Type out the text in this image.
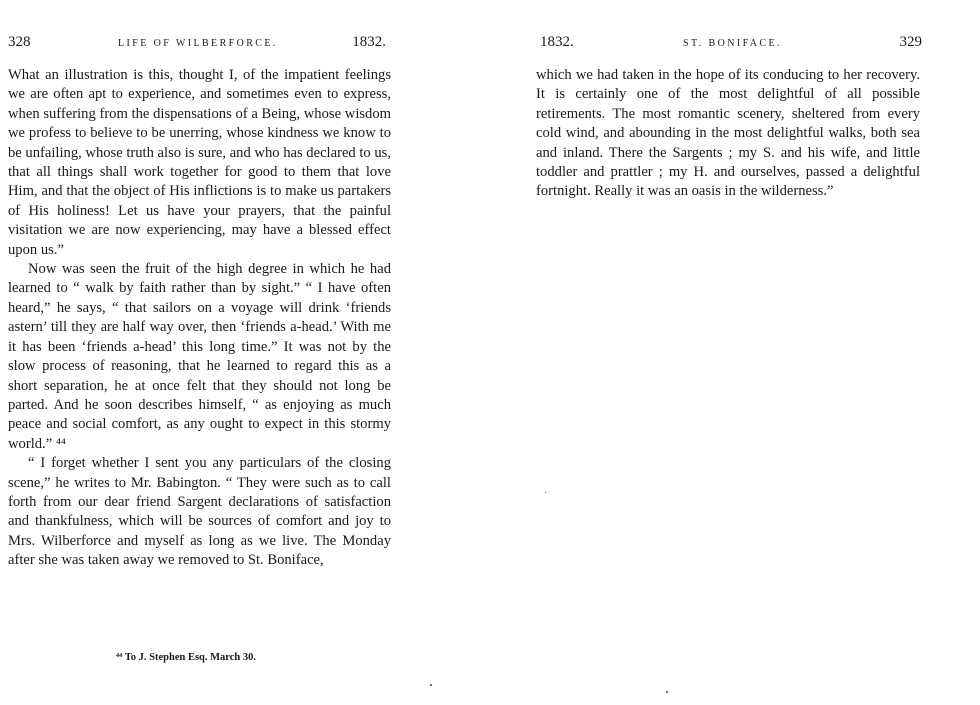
328	LIFE OF WILBERFORCE.	1832.

What an illustration is this, thought I, of the impatient feelings we are often apt to experience, and sometimes even to express, when suffering from the dispensations of a Being, whose wisdom we profess to believe to be unerring, whose kindness we know to be unfailing, whose truth also is sure, and who has declared to us, that all things shall work together for good to them that love Him, and that the object of His inflictions is to make us partakers of His holiness! Let us have your prayers, that the painful visitation we are now experiencing, may have a blessed effect upon us.”

Now was seen the fruit of the high degree in which he had learned to “ walk by faith rather than by sight.” “ I have often heard,” he says, “ that sailors on a voyage will drink ‘friends astern’ till they are half way over, then ‘friends a-head.’ With me it has been ‘friends a-head’ this long time.” It was not by the slow process of reasoning, that he learned to regard this as a short separation, he at once felt that they should not long be parted. And he soon describes himself, “ as enjoying as much peace and social comfort, as any ought to expect in this stormy world.” ⁴⁴

“ I forget whether I sent you any particulars of the closing scene,” he writes to Mr. Babington. “ They were such as to call forth from our dear friend Sargent declarations of satisfaction and thankfulness, which will be sources of comfort and joy to Mrs. Wilberforce and myself as long as we live. The Monday after she was taken away we removed to St. Boniface,

⁴⁴ To J. Stephen Esq. March 30.
1832.	ST. BONIFACE.	329

which we had taken in the hope of its conducing to her recovery. It is certainly one of the most delightful of all possible retirements. The most romantic scenery, sheltered from every cold wind, and abounding in the most delightful walks, both sea and inland. There the Sargents ; my S. and his wife, and little toddler and prattler ; my H. and ourselves, passed a delightful fortnight. Really it was an oasis in the wilderness.”
